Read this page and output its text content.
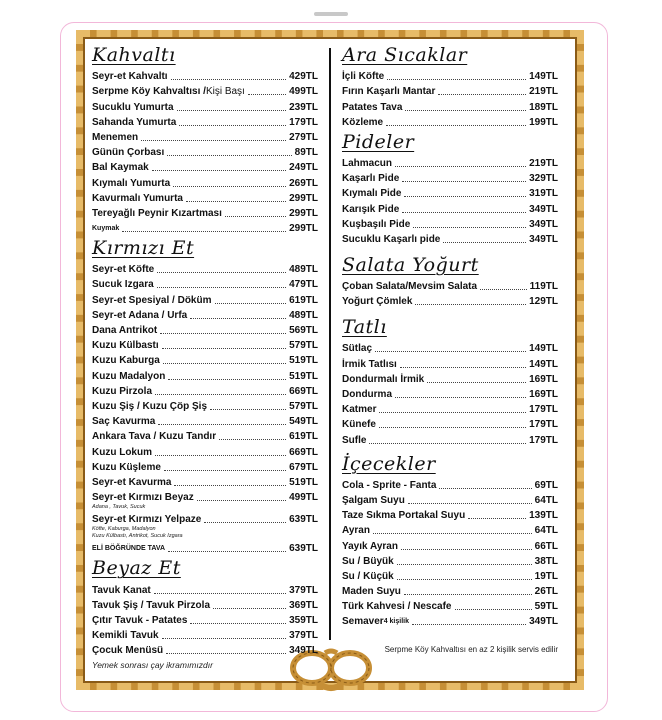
Kahvaltı
Seyr-et Kahvaltı	429TL
Serpme Köy Kahvaltısı / Kişi Başı	499TL
Sucuklu Yumurta	239TL
Sahanda Yumurta	179TL
Menemen	279TL
Günün Çorbası	89TL
Bal Kaymak	249TL
Kıymalı Yumurta	269TL
Kavurmalı Yumurta	299TL
Tereyağlı Peynir Kızartması	299TL
Kuymak	299TL
Kırmızı Et
Seyr-et Köfte	489TL
Sucuk Izgara	479TL
Seyr-et Spesiyal / Döküm	619TL
Seyr-et Adana / Urfa	489TL
Dana Antrikot	569TL
Kuzu Külbastı	579TL
Kuzu Kaburga	519TL
Kuzu Madalyon	519TL
Kuzu Pirzola	669TL
Kuzu Şiş / Kuzu Çöp Şiş	579TL
Saç Kavurma	549TL
Ankara Tava / Kuzu Tandır	619TL
Kuzu Lokum	669TL
Kuzu Küşleme	679TL
Seyr-et Kavurma	519TL
Seyr-et Kırmızı Beyaz	499TL
Adana , Tavuk, Sucuk
Seyr-et Kırmızı Yelpaze	639TL
Köfte, Kaburga, Madalyon
Kuzu Külbastı, Antrikot, Sucuk Izgara
ELİ BÖĞRÜNDE TAVA	639TL
Beyaz Et
Tavuk Kanat	379TL
Tavuk Şiş / Tavuk Pirzola	369TL
Çıtır Tavuk - Patates	359TL
Kemikli Tavuk	379TL
Çocuk Menüsü	349TL
Yemek sonrası çay ikramımızdır
Ara Sıcaklar
İçli Köfte	149TL
Fırın Kaşarlı Mantar	219TL
Patates Tava	189TL
Közleme	199TL
Pideler
Lahmacun	219TL
Kaşarlı Pide	329TL
Kıymalı Pide	319TL
Karışık Pide	349TL
Kuşbaşılı Pide	349TL
Sucuklu Kaşarlı pide	349TL
Salata Yoğurt
Çoban Salata/Mevsim Salata	119TL
Yoğurt Çömlek	129TL
Tatlı
Sütlaç	149TL
İrmik Tatlısı	149TL
Dondurmalı İrmik	169TL
Dondurma	169TL
Katmer	179TL
Künefe	179TL
Sufle	179TL
İçecekler
Cola - Sprite - Fanta	69TL
Şalgam Suyu	64TL
Taze Sıkma Portakal Suyu	139TL
Ayran	64TL
Yayık Ayran	66TL
Su / Büyük	38TL
Su / Küçük	19TL
Maden Suyu	26TL
Türk Kahvesi / Nescafe	59TL
Semaver 4 kişilik	349TL
Serpme Köy Kahvaltısı en az 2 kişilik servis edilir
